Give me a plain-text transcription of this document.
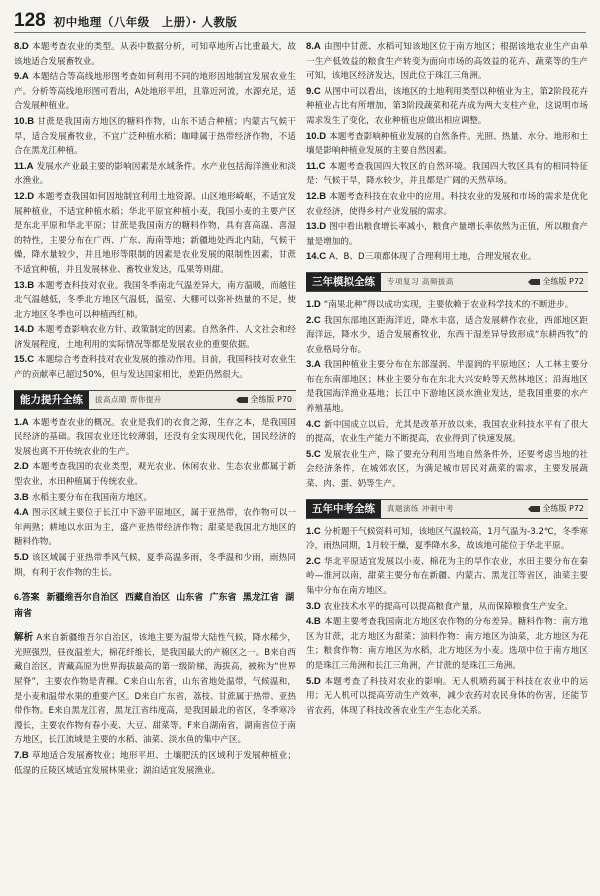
128 初中地理（八年级　上册）· 人教版

8.D 本题考查农业的类型。从表中数据分析，可知草地所占比重最大，故该地适合发展畜牧业。

9.A 本题结合等高线地形图考查如何利用不同的地形因地制宜发展农业生产。分析等高线地形图可看出，A处地形平坦，且靠近河流，水源充足，适合发展种植业。

10.B 甘蔗是我国南方地区的糖料作物，山东不适合种植；内蒙古气候干旱，适合发展畜牧业，不宜广泛种植水稻；咖啡属于热带经济作物，不适合在黑龙江种植。

11.A 发展水产业最主要的影响因素是水域条件。水产业包括海洋渔业和淡水渔业。

12.D 本题考查我国如何因地制宜利用土地资源。山区地形崎岖，不适宜发展种植业，不适宜种植水稻；华北平原宜种植小麦，我国小麦的主要产区是东北平原和华北平原；甘蔗是我国南方的糖料作物，具有喜高温、喜湿的特性，主要分布在广西、广东、海南等地；新疆地处西北内陆，气候干燥，降水量较少，并且地形等限制的因素是农业发展的限制性因素，甘蔗不适宜种植，并且发展林业、畜牧业发达，瓜果等则甜。

13.B 本题考查科技对农业。我国冬季南北气温差异大，南方温暖，而越往北气温越低，冬季北方地区气温低，温室、大棚可以弥补热量的不足，使北方地区冬季也可以种植西红柿。

14.D 本题考查影响农业方针、政策制定的因素。自然条件、人文社会和经济发展程度，土地利用的实际情况等都是发展农业的重要依据。

15.C 本题综合考查科技对农业发展的推动作用。目前，我国科技对农业生产的贡献率已超过50%，但与发达国家相比，差距仍然很大。

能力提升全练	拔高点睛 帮你提升	全练版 P70

1.A 本题考查农业的概况。农业是我们的衣食之源，生存之本，是我国国民经济的基础。我国农业还比较薄弱，还没有全实现现代化，国民经济的发展也离不开传统农业的生产。

2.D 本题考查我国的农业类型，观光农业、休闲农业、生态农业都属于新型农业，水田种植属于传统农业。

3.B 水稻主要分布在我国南方地区。

4.A 图示区域主要位于长江中下游平原地区，属于亚热带，农作物可以一年两熟；耕地以水田为主，盛产亚热带经济作物；甜菜是我国北方地区的糖料作物。

5.D 该区域属于亚热带季风气候，夏季高温多雨，冬季温和少雨，雨热同期，有利于农作物的生长。

6.答案 新疆维吾尔自治区 西藏自治区 山东省 广东省 黑龙江省 湖南省

解析 A来自新疆维吾尔自治区，该地主要为温带大陆性气候，降水稀少，光照强烈，昼夜温差大，棉花纤维长，是我国最大的产棉区之一。B来自西藏自治区，青藏高原为世界海拔最高的第一级阶梯，海拔高，被称为“世界屋脊”，主要农作物是青稞。C来自山东省，山东省地处温带，气候温和，是小麦和温带水果的重要产区。D来自广东省，荔枝、甘蔗属于热带、亚热带作物。E来自黑龙江省，黑龙江省纬度高，是我国最北的省区，冬季寒冷漫长，主要农作物有春小麦、大豆、甜菜等。F来自湖南省，湖南省位于南方地区，长江流域是主要的水稻、油菜、淡水鱼的集中产区。

7.B 草地适合发展畜牧业；地形平坦、土壤肥沃的区域利于发展种植业；低湿的丘陵区域适宜发展林果业；湖泊适宜发展渔业。

8.A 由图中甘蔗、水稻可知该地区位于南方地区；根据该地农业生产由单一生产低效益的粮食生产转变为面向市场的高效益的花卉、蔬菜等的生产可知，该地区经济发达，因此位于珠江三角洲。

9.C 从图中可以看出，该地区的土地利用类型以种植业为主，第2阶段花卉种植业占比有所增加，第3阶段蔬菜和花卉成为两大支柱产业，这说明市场需求发生了变化，农业种植也应做出相应调整。

10.D 本题考查影响种植业发展的自然条件。光照、热量、水分、地形和土壤是影响种植业发展的主要自然因素。

11.C 本题考查我国四大牧区的自然环境。我国四大牧区具有的相同特征是：气候干旱，降水较少，并且都是广阔的天然草场。

12.B 本题考查科技在农业中的应用。科技农业的发展和市场的需求是优化农业经济，使得乡村产业发展的需求。

13.D 图中看出粮食增长率减小，粮食产量增长率依然为正值，所以粮食产量是增加的。

14.C A、B、D三项都体现了合理利用土地，合理发展农业。

三年模拟全练	专项复习 高频拔高	全练版 P72

1.D “南果北种”得以成功实现，主要依赖于农业科学技术的不断进步。

2.C 我国东部地区距海洋近，降水丰富，适合发展耕作农业，西部地区距海洋远，降水少，适合发展畜牧业，东西干湿差异导致形成“东耕西牧”的农业格局分布。

3.A 我国种植业主要分布在东部湿润、半湿润的平原地区；人工林主要分布在东南部地区；林业主要分布在东北大兴安岭等天然林地区；沿海地区是我国海洋渔业基地；长江中下游地区淡水渔业发达，是我国重要的水产养殖基地。

4.C 新中国成立以后，尤其是改革开放以来，我国农业科技水平有了很大的提高，农业生产能力不断提高，农业得到了快速发展。

5.C 发展农业生产，除了要充分利用当地自然条件外，还要考虑当地的社会经济条件，在城郊农区，为满足城市居民对蔬菜的需求，主要发展蔬菜、肉、蛋、奶等生产。

五年中考全练	真题演练 冲刺中考	全练版 P72

1.C 分析题干气候资料可知，该地区气温较高，1月气温为-3.2℃，冬季寒冷，雨热同期，1月较干燥，夏季降水多，故该地可能位于华北平原。

2.C 华北平原适宜发展以小麦、棉花为主的旱作农业，水田主要分布在秦岭—淮河以南，甜菜主要分布在新疆、内蒙古、黑龙江等省区，油菜主要集中分布在南方地区。

3.D 农业技术水平的提高可以提高粮食产量，从而保障粮食生产安全。

4.B 本题主要考查我国南北方地区农作物的分布差异。糖料作物：南方地区为甘蔗，北方地区为甜菜；油料作物：南方地区为油菜，北方地区为花生；粮食作物：南方地区为水稻，北方地区为小麦。选项中位于南方地区的是珠江三角洲和长江三角洲，产甘蔗的是珠江三角洲。

5.D 本题考查了科技对农业的影响。无人机喷药属于科技在农业中的运用；无人机可以提高劳动生产效率，减少农药对农民身体的伤害，还能节省农药，体现了科技改善农业生产生态化关系。
